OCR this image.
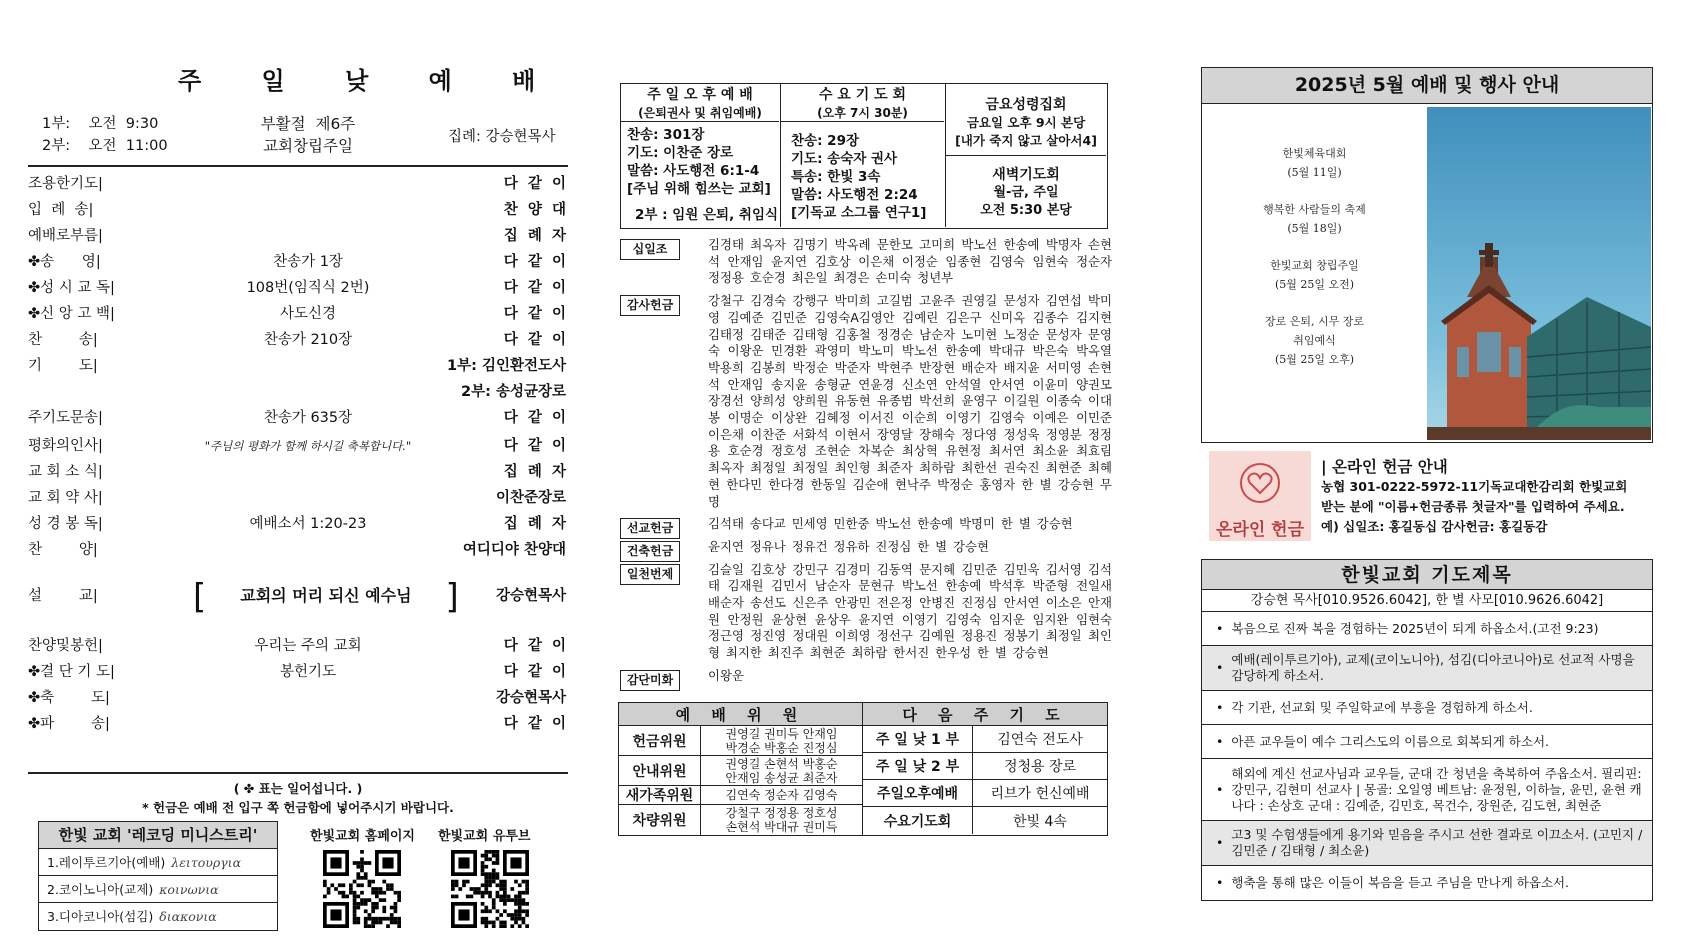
주 일 낮 예 배
1부:    오전  9:30
2부:    오전  11:00
부활절  제6주
교회창립주일	집례: 강승현목사
조용한기도|	다  같  이
입  례  송|	찬  양  대
예배로부름|	집  례  자
✤송      영|	찬송가 1장	다  같  이
✤성 시 교 독|	108번(임직식 2번)	다  같  이
✤신 앙 고 백|	사도신경	다  같  이
찬        송|	찬송가 210장	다  같  이
기        도|	1부: 김인환전도사
2부: 송성균장로
주기도문송|	찬송가 635장	다  같  이
평화의인사|	"주님의 평화가 함께 하시길 축복합니다."	다  같  이
교 회 소 식|	집  례  자
교 회 약 사|	이찬준장로
성 경 봉 독|	예배소서 1:20-23	집  례  자
찬        양|	여디디야 찬양대
설        교|	[ 교회의 머리 되신 예수님 ]	강승현목사
찬양및봉헌|	우리는 주의 교회	다  같  이
✤결 단 기 도|	봉헌기도	다  같  이
✤축        도|	강승현목사
✤파        송|	다  같  이
( ✤ 표는 일어섭니다. )
* 헌금은 예배 전 입구 쪽 헌금함에 넣어주시기 바랍니다.
한빛 교회 '레코딩 미니스트리'
1.레이투르기아(예배) λειτουργια
2.코이노니아(교제) κοινωνια
3.디아코니아(섬김) διακονια
한빛교회 홈페이지 한빛교회 유투브
주 일 오 후 예 배
(은퇴권사 및 취임예배)
찬송: 301장
기도: 이찬준 장로
말씀: 사도행전 6:1-4
[주님 위해 힘쓰는 교회]
2부 : 임원 은퇴, 취임식
수 요 기 도 회
(오후 7시 30분)
찬송: 29장
기도: 송숙자 권사
특송: 한빛 3속
말씀: 사도행전 2:24
[기독교 소그룹 연구1]
금요성령집회
금요일 오후 9시 본당
[내가 죽지 않고 살아서4]
새벽기도회
월-금, 주일
오전 5:30 본당
십일조	김경태 최옥자 김명기 박옥례 문한모 고미희 박노선 한송예 박명자 손현석 안재임 윤지연 김호상 이은채 이정순 임종현 김영숙 임현숙 정순자 정정용 호순경 최은일 최경은 손미숙 청년부
감사헌금	강철구 김경숙 강행구 박미희 고길범 고윤주 권영길 문성자 김연섭 박미영 김예준 김민준 김영숙A김영안 김예린 김은구 신미옥 김종수 김지현 김태정 김태준 김태형 김홍철 정경순 남순자 노미현 노정순 문성자 문영숙 이왕운 민경환 곽영미 박노미 박노선 한송예 박대규 박은숙 박옥열 박용희 김봉희 박정순 박준자 박현주 반장현 배순자 배지윤 서미영 손현석 안재임 송지윤 송형균 연윤경 신소연 안석열 안서연 이윤미 양권모 장경선 양희성 양희원 유동현 유종범 박선희 윤영구 이길원 이종숙 이대봉 이명순 이상완 김혜정 이서진 이순희 이영기 김영숙 이예은 이민준 이은채 이찬준 서화석 이현서 장영달 장해숙 정다영 정성욱 정영분 정정용 호순경 정호성 조현순 차복순 최상혁 유현정 최서연 최소윤 최효림 최옥자 최정일 최정일 최인형 최준자 최하람 최한선 권숙진 최현준 최혜현 한다민 한다경 한동일 김순애 현낙주 박정순 홍영자 한 별 강승현 무 명
선교헌금	김석태 송다교 민세영 민한중 박노선 한송예 박명미 한 별 강승현
건축헌금	윤지연 정유나 정유건 정유하 진정심 한 별 강승현
일천번제	김슬일 김호상 강민구 김경미 김동역 문지혜 김민준 김민욱 김서영 김석태 김재원 김민서 남순자 문현규 박노선 한송예 박석후 박준형 전일새 배순자 송선도 신은주 안광민 전은정 안병진 진정심 안서연 이소은 안재원 안정원 윤상현 윤상우 윤지연 이영기 김영숙 임지운 임지완 임현숙 정근영 정진영 정대원 이희영 정선구 김예원 정용진 정봉기 최정일 최인형 최지한 최진주 최현준 최하람 한서진 한우성 한 별 강승현
감단미화	이왕운
예 배 위 원	다 음 주 기 도
헌금위원	권영길 권미득 안재임
박경순 박홍순 진정심
안내위원	권영길 손현석 박홍순
안재임 송성균 최준자
새가족위원	김연숙 정순자 김영숙
차량위원	강철구 정정용 정호성
손현석 박대규 권미득
주 일 낮 1 부	김연숙 전도사
주 일 낮 2 부	정청용 장로
주일오후예배	리브가 헌신예배
수요기도회	한빛 4속
2025년 5월 예배 및 행사 안내
한빛체육대회
(5월 11일)
행복한 사람들의 축제
(5월 18일)
한빛교회 창립주일
(5월 25일 오전)
장로 은퇴, 시무 장로
취임예식
(5월 25일 오후)
온라인 헌금
| 온라인 헌금 안내
농협 301-0222-5972-11기독교대한감리회 한빛교회
받는 분에 "이름+헌금종류 첫글자"를 입력하여 주세요.
예) 십일조: 홍길동십 감사헌금: 홍길동감
한빛교회 기도제목
강승현 목사[010.9526.6042], 한 별 사모[010.9626.6042]
• 복음으로 진짜 복을 경험하는 2025년이 되게 하옵소서.(고전 9:23)
•
예배(레이투르기아), 교제(코이노니아), 섬김(디아코니아)로 선교적 사명을 감당하게 하소서.
• 각 기관, 선교회 및 주일학교에 부흥을 경험하게 하소서.
• 아픈 교우들이 예수 그리스도의 이름으로 회복되게 하소서.
•
해외에 계신 선교사님과 교우들, 군대 간 청년을 축복하여 주옵소서. 필리핀: 강민구, 김현미 선교사 | 몽골: 오일영 베트남: 윤정원, 이하늘, 윤민, 윤현 캐나다 : 손상호 군대 : 김예준, 김민호, 목건수, 장원준, 김도현, 최현준
•
고3 및 수험생들에게 용기와 믿음을 주시고 선한 결과로 이끄소서. (고민지 / 김민준 / 김태형 / 최소윤)
• 행축을 통해 많은 이들이 복음을 듣고 주님을 만나게 하옵소서.
